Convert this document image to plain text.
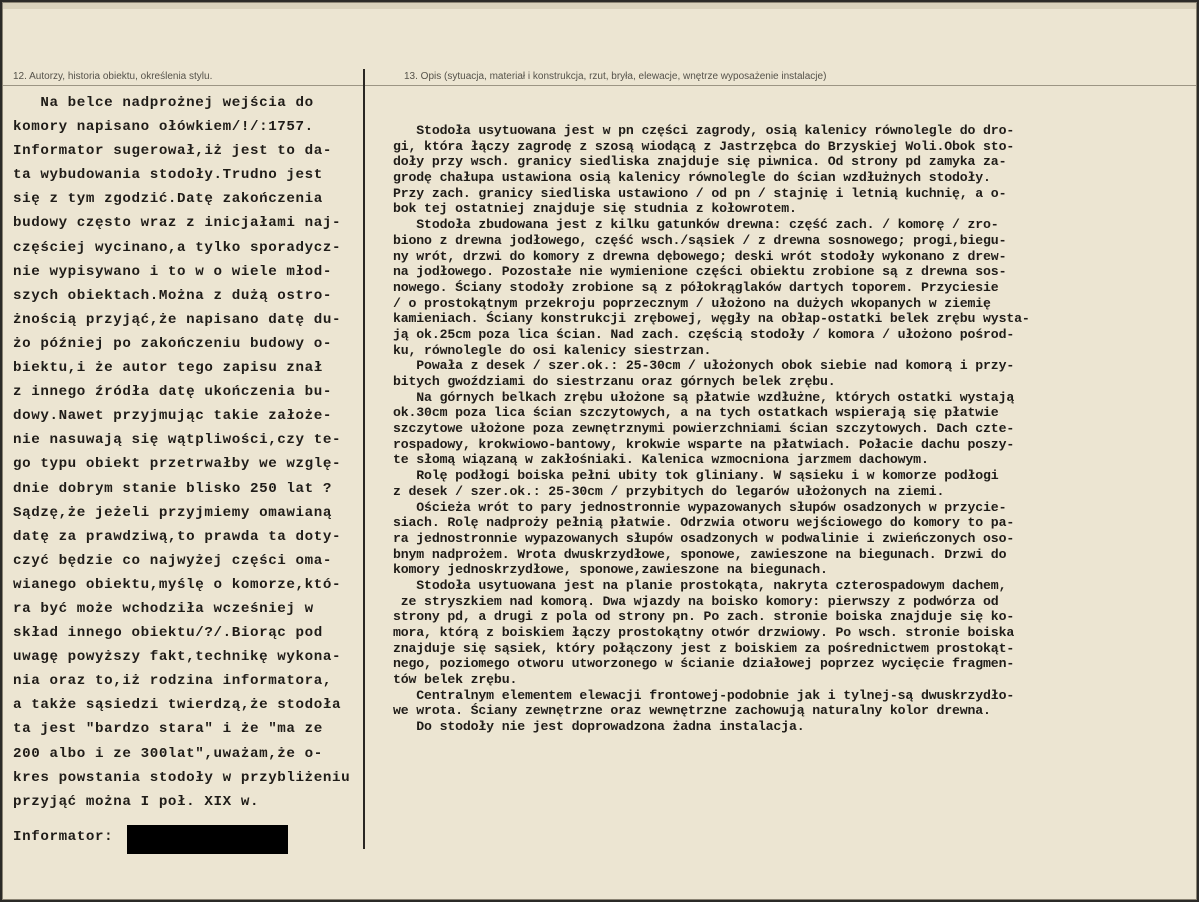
12. Autorzy, historia obiektu, określenia stylu.	13. Opis (sytuacja, materiał i konstrukcja, rzut, bryła, elewacje, wnętrze wyposażenie instalacje)
Na belce nadprożnej wejścia do
komory napisano ołówkiem/!/:1757.
Informator sugerował,iż jest to da-
ta wybudowania stodoły.Trudno jest
się z tym zgodzić.Datę zakończenia
budowy często wraz z inicjałami naj-
częściej wycinano,a tylko sporadycz-
nie wypisywano i to w o wiele młod-
szych obiektach.Można z dużą ostro-
żnością przyjąć,że napisano datę du-
żo później po zakończeniu budowy o-
biektu,i że autor tego zapisu znał
z innego źródła datę ukończenia bu-
dowy.Nawet przyjmując takie założe-
nie nasuwają się wątpliwości,czy te-
go typu obiekt przetrwałby we wzglę-
dnie dobrym stanie blisko 250 lat ?
Sądzę,że jeżeli przyjmiemy omawianą
datę za prawdziwą,to prawda ta doty-
czyć będzie co najwyżej części oma-
wianego obiektu,myślę o komorze,któ-
ra być może wchodziła wcześniej w
skład innego obiektu/?/.Biorąc pod
uwagę powyższy fakt,technikę wykona-
nia oraz to,iż rodzina informatora,
a także sąsiedzi twierdzą,że stodoła
ta jest "bardzo stara" i że "ma ze
200 albo i ze 300lat",uważam,że o-
kres powstania stodoły w przybliżeniu
przyjąć można I poł. XIX w.
Stodoła usytuowana jest w pn części zagrody, osią kalenicy równolegle do dro-
gi, która łączy zagrodę z szosą wiodącą z Jastrzębca do Brzyskiej Woli.Obok sto-
doły przy wsch. granicy siedliska znajduje się piwnica. Od strony pd zamyka za-
grodę chałupa ustawiona osią kalenicy równolegle do ścian wzdłużnych stodoły.
Przy zach. granicy siedliska ustawiono / od pn / stajnię i letnią kuchnię, a o-
bok tej ostatniej znajduje się studnia z kołowrotem.
Stodoła zbudowana jest z kilku gatunków drewna: część zach. / komorę / zro-
biono z drewna jodłowego, część wsch./sąsiek / z drewna sosnowego; progi,biegu-
ny wrót, drzwi do komory z drewna dębowego; deski wrót stodoły wykonano z drew-
na jodłowego. Pozostałe nie wymienione części obiektu zrobione są z drewna sos-
nowego. Ściany stodoły zrobione są z półokrąglaków dartych toporem. Przyciesie
/ o prostokątnym przekroju poprzecznym / ułożono na dużych wkopanych w ziemię
kamieniach. Ściany konstrukcji zrębowej, węgły na obłap-ostatki belek zrębu wysta-
ją ok.25cm poza lica ścian. Nad zach. częścią stodoły / komora / ułożono pośrod-
ku, równolegle do osi kalenicy siestrzan.
Powała z desek / szer.ok.: 25-30cm / ułożonych obok siebie nad komorą i przy-
bitych gwoździami do siestrzanu oraz górnych belek zrębu.
Na górnych belkach zrębu ułożone są płatwie wzdłużne, których ostatki wystają
ok.30cm poza lica ścian szczytowych, a na tych ostatkach wspierają się płatwie
szczytowe ułożone poza zewnętrznymi powierzchniami ścian szczytowych. Dach czte-
rospadowy, krokwiowo-bantowy, krokwie wsparte na płatwiach. Połacie dachu poszy-
te słomą wiązaną w zakłośniaki. Kalenica wzmocniona jarzmem dachowym.
Rolę podłogi boiska pełni ubity tok gliniany. W sąsieku i w komorze podłogi
z desek / szer.ok.: 25-30cm / przybitych do legarów ułożonych na ziemi.
Ościeża wrót to pary jednostronnie wypazowanych słupów osadzonych w przycie-
siach. Rolę nadprożу pełnią płatwie. Odrzwia otworu wejściowego do komory to pa-
ra jednostronnie wypazowanych słupów osadzonych w podwalinie i zwieńczonych oso-
bnym nadprożem. Wrota dwuskrzydłowe, sponowe, zawieszone na biegunach. Drzwi do
komory jednoskrzydłowe, sponowe,zawieszone na biegunach.
Stodoła usytuowana jest na planie prostokąta, nakryta czterospadowym dachem,
ze stryszkiem nad komorą. Dwa wjazdy na boisko komory: pierwszy z podwórza od
strony pd, a drugi z pola od strony pn. Po zach. stronie boiska znajduje się ko-
mora, którą z boiskiem łączy prostokątny otwór drzwiowy. Po wsch. stronie boiska
znajduje się sąsiek, który połączony jest z boiskiem za pośrednictwem prostokąt-
nego, poziomego otworu utworzonego w ścianie działowej poprzez wycięcie fragmen-
tów belek zrębu.
Centralnym elementem elewacji frontowej-podobnie jak i tylnej-są dwuskrzydło-
we wrota. Ściany zewnętrzne oraz wewnętrzne zachowują naturalny kolor drewna.
Do stodoły nie jest doprowadzona żadna instalacja.
Informator:
